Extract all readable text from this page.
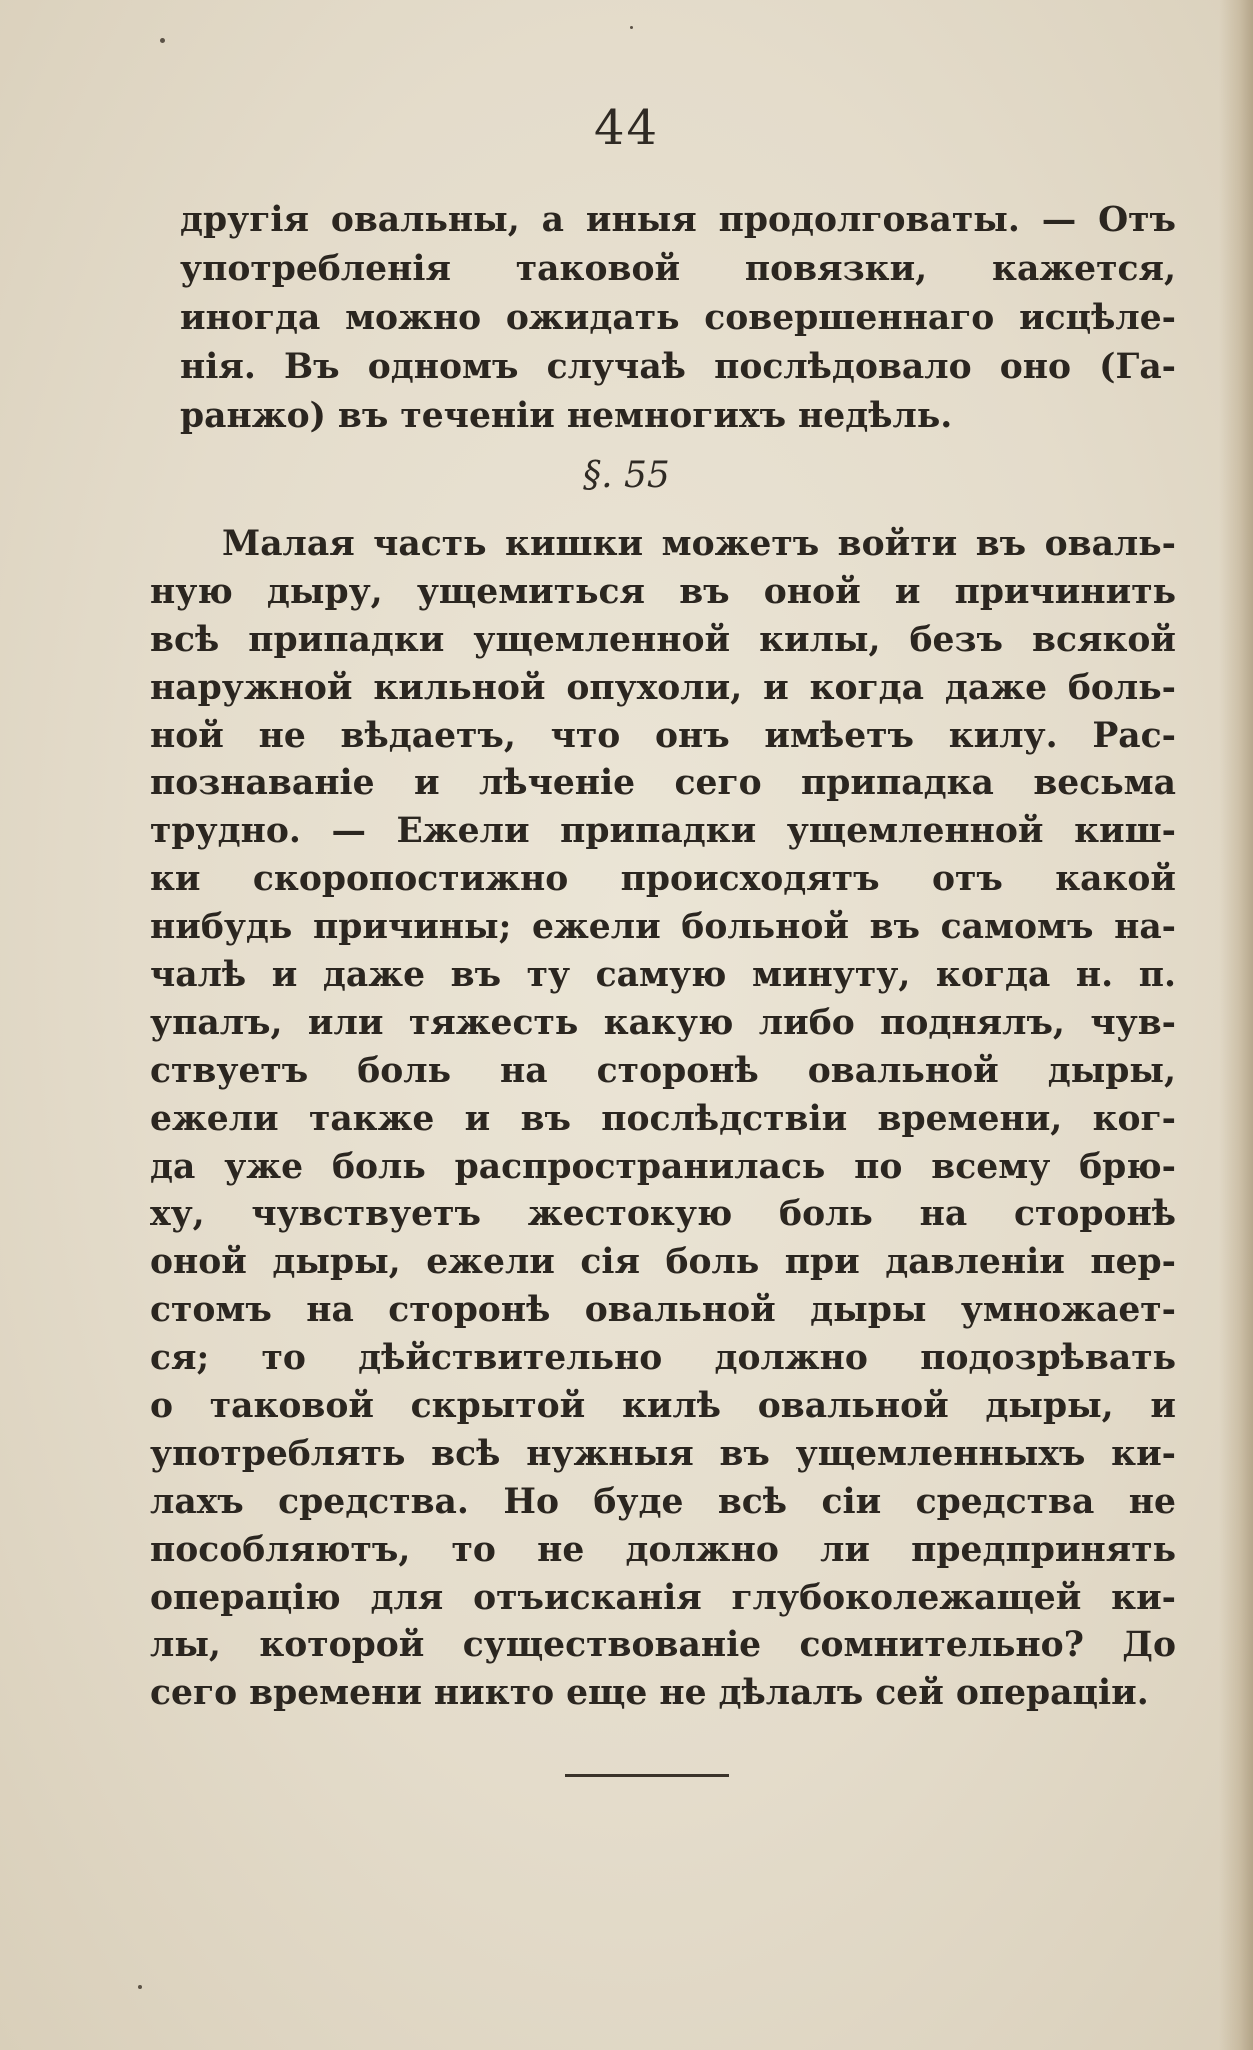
44
другія овальны, а иныя продолговаты. — Отъ
употребленія таковой повязки, кажется,
иногда можно ожидать совершеннаго исцѣле-
нія. Въ одномъ случаѣ послѣдовало оно (Га-
ранжо) въ теченіи немногихъ недѣль.
§. 55
Малая часть кишки можетъ войти въ оваль-
ную дыру, ущемиться въ оной и причинить
всѣ припадки ущемленной килы, безъ всякой
наружной кильной опухоли, и когда даже боль-
ной не вѣдаетъ, что онъ имѣетъ килу. Рас-
познаваніе и лѣченіе сего припадка весьма
трудно. — Ежели припадки ущемленной киш-
ки скоропостижно происходятъ отъ какой
нибудь причины; ежели больной въ самомъ на-
чалѣ и даже въ ту самую минуту, когда н. п.
упалъ, или тяжесть какую либо поднялъ, чув-
ствуетъ боль на сторонѣ овальной дыры,
ежели также и въ послѣдствіи времени, ког-
да уже боль распространилась по всему брю-
ху, чувствуетъ жестокую боль на сторонѣ
оной дыры, ежели сія боль при давленіи пер-
стомъ на сторонѣ овальной дыры умножает-
ся; то дѣйствительно должно подозрѣвать
о таковой скрытой килѣ овальной дыры, и
употреблять всѣ нужныя въ ущемленныхъ ки-
лахъ средства. Но буде всѣ сіи средства не
пособляютъ, то не должно ли предпринять
операцію для отъисканія глубоколежащей ки-
лы, которой существованіе сомнительно? До
сего времени никто еще не дѣлалъ сей операціи.
